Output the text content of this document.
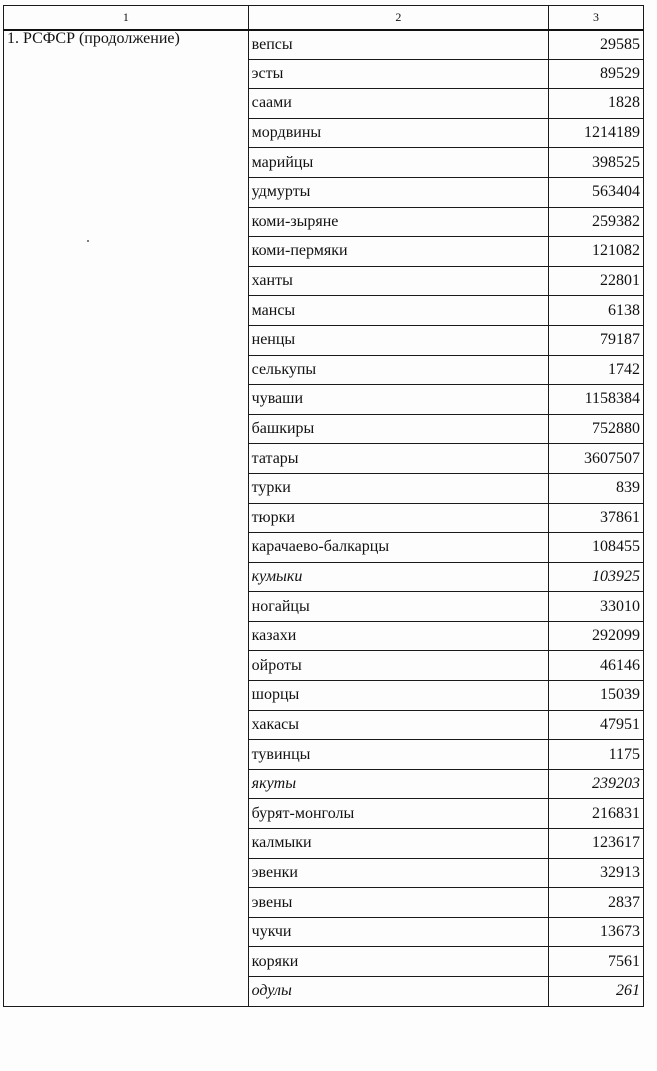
1	2	3
1. РСФСР (продолжение)	вепсы	29585
	эсты	89529
	саами	1828
	мордвины	1214189
	марийцы	398525
	удмурты	563404
	коми-зыряне	259382
	коми-пермяки	121082
	ханты	22801
	мансы	6138
	ненцы	79187
	селькупы	1742
	чуваши	1158384
	башкиры	752880
	татары	3607507
	турки	839
	тюрки	37861
	карачаево-балкарцы	108455
	кумыки	103925
	ногайцы	33010
	казахи	292099
	ойроты	46146
	шорцы	15039
	хакасы	47951
	тувинцы	1175
	якуты	239203
	бурят-монголы	216831
	калмыки	123617
	эвенки	32913
	эвены	2837
	чукчи	13673
	коряки	7561
	одулы	261
